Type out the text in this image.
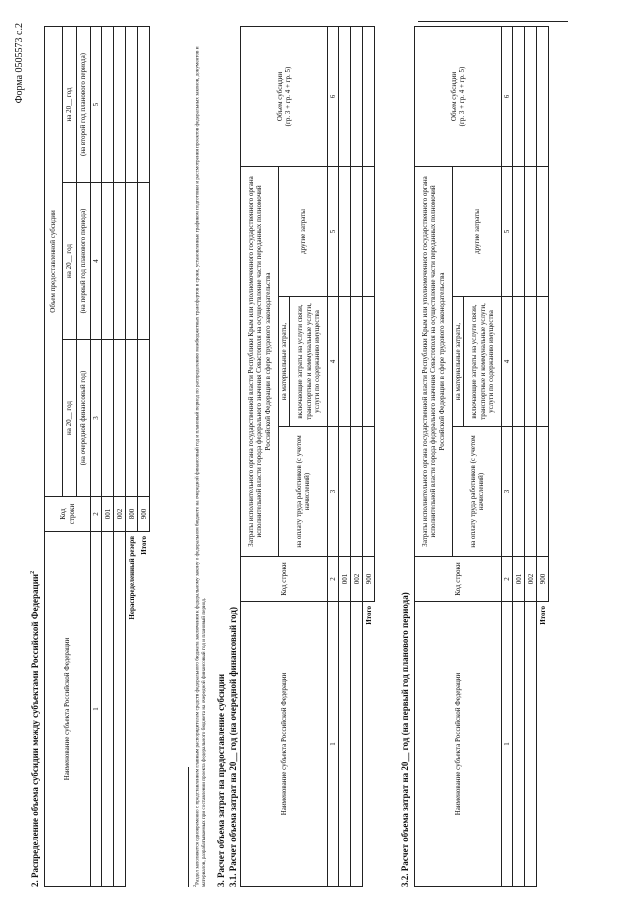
Форма 0505573 с.2
2. Распределение объема субсидии между субъектами Российской Федерации$^2$
Наименование субъекта Российской Федерации	Код строки	Объем предоставленной субсидии		
		на 20__ год	на 20__ год	на 20__ год
		(на очередной финансовый год)	(на первый год планового периода)	(на второй год планового периода)
1	2	3	4	5
	001			
	002			
Нераспределенный резерв	800			
Итого	900			
$^2$Раздел заполняется одновременно с представлением главным распорядителем средств федерального бюджета заключения к федеральному закону о федеральном бюджете на очередной финансовый год и плановый период по распределению межбюджетных трансфертов в сроки, установленные графиком подготовки и рассмотрения проектов федеральных законов, документов и материалов, разрабатываемых при составлении проекта федерального бюджета на очередной финансовый год и плановый период. 3. Расчет объема затрат на предоставление субсидии 3.1. Расчет объема затрат на 20__ год (на очередной финансовый год)	Наименование субъекта Российской Федерации	Код строки	Затраты исполнительного органа государственной власти Республики Крым или уполномоченного государственного органа исполнительной власти города федерального значения Севастополя на осуществление части переданных полномочий Российской Федерации в сфере трудового законодательства			Объем субсидии (гр. 3 + гр. 4 + гр. 5)

		на оплату труда работников (с учетом начислений)	на материальные затраты,	другие затраты	
			включающие затраты на услуги связи, транспортные и коммунальные услуги, услуги по содержанию имущества		
1	2	3	4	5	6
	001				
	002				
Итого	900				
3.2. Расчет объема затрат на 20__ год (на первый год планового периода)	Наименование субъекта Российской Федерации	Код строки	Затраты исполнительного органа государственной власти Республики Крым или уполномоченного государственного органа исполнительной власти города федерального значения Севастополя на осуществление части переданных полномочий Российской Федерации в сфере трудового законодательства			Объем субсидии (гр. 3 + гр. 4 + гр. 5)

		на оплату труда работников (с учетом начислений)	на материальные затраты,	другие затраты	
			включающие затраты на услуги связи, транспортные и коммунальные услуги, услуги по содержанию имущества		
1	2	3	4	5	6
	001				
	002				
Итого	900				
